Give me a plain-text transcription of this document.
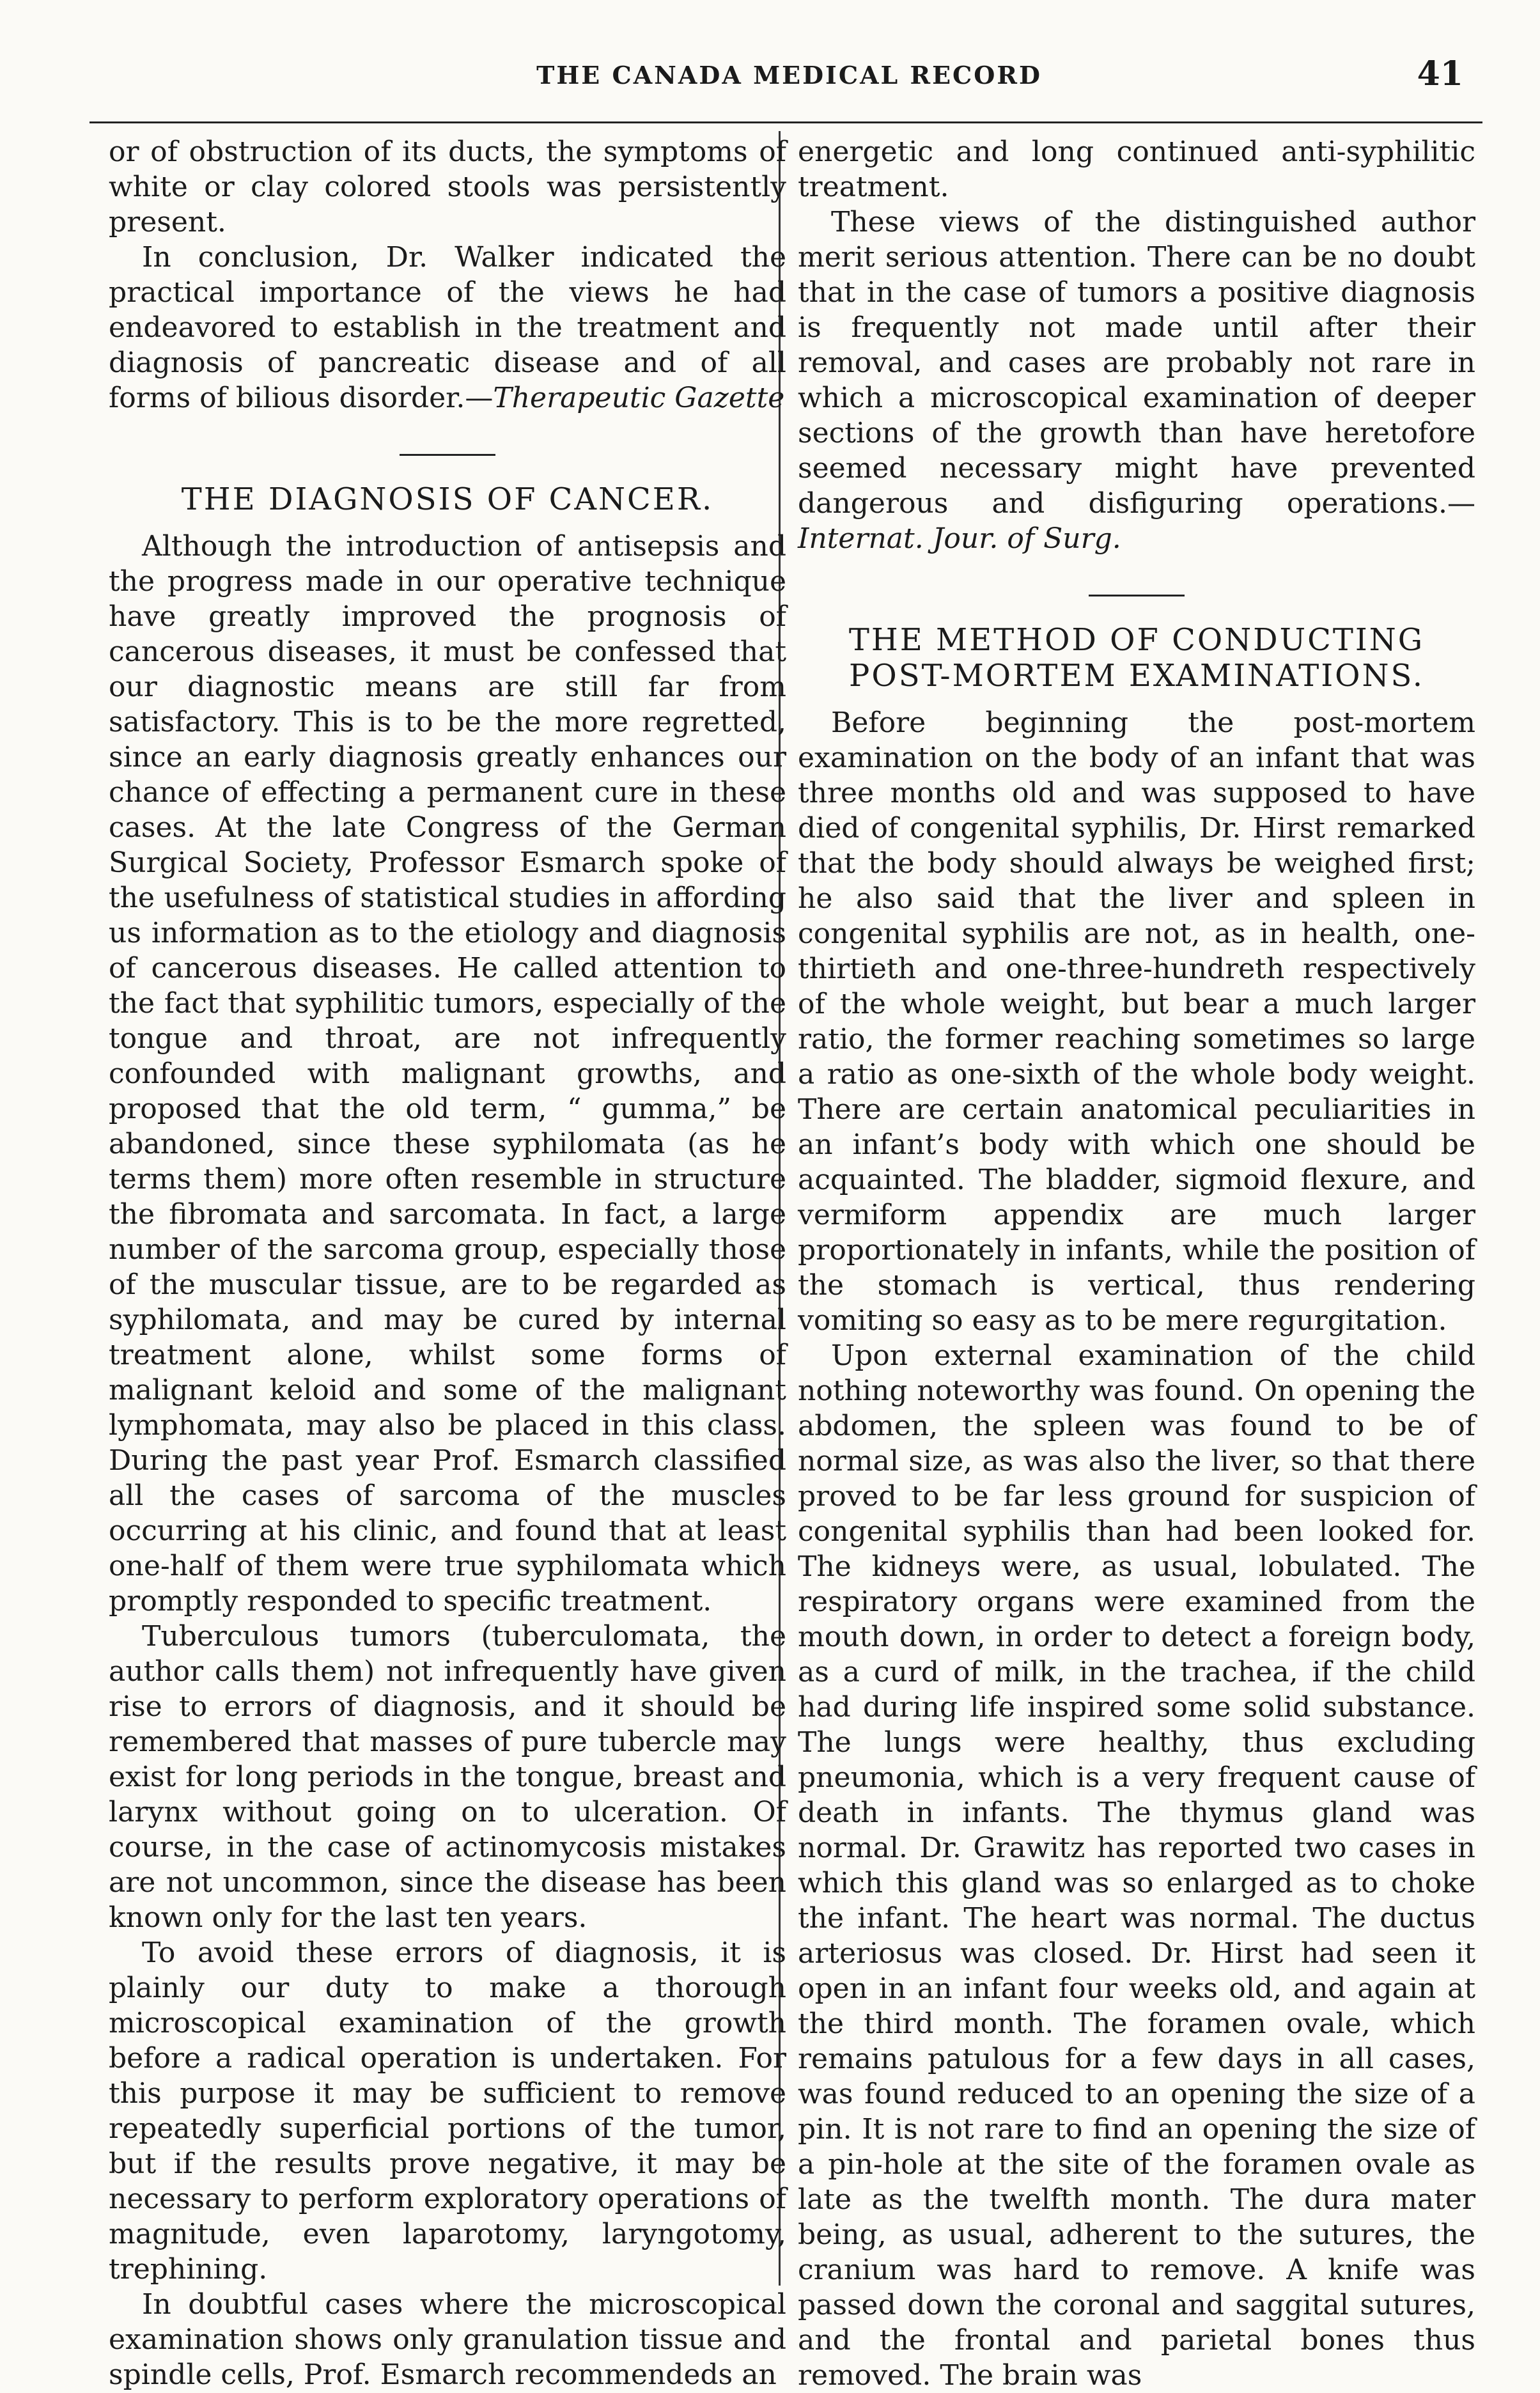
THE CANADA MEDICAL RECORD	41

or of obstruction of its ducts, the symptoms of white or clay colored stools was persistently present.

In conclusion, Dr. Walker indicated the practical importance of the views he had endeavored to establish in the treatment and diagnosis of pancreatic disease and of all forms of bilious disorder.—Therapeutic Gazette

THE DIAGNOSIS OF CANCER.

Although the introduction of antisepsis and the progress made in our operative technique have greatly improved the prognosis of cancerous diseases, it must be confessed that our diagnostic means are still far from satisfactory. This is to be the more regretted, since an early diagnosis greatly enhances our chance of effecting a permanent cure in these cases. At the late Congress of the German Surgical Society, Professor Esmarch spoke of the usefulness of statistical studies in affording us information as to the etiology and diagnosis of cancerous diseases. He called attention to the fact that syphilitic tumors, especially of the tongue and throat, are not infrequently confounded with malignant growths, and proposed that the old term, “ gumma,” be abandoned, since these syphilomata (as he terms them) more often resemble in structure the fibromata and sarcomata. In fact, a large number of the sarcoma group, especially those of the muscular tissue, are to be regarded as syphilomata, and may be cured by internal treatment alone, whilst some forms of malignant keloid and some of the malignant lymphomata, may also be placed in this class. During the past year Prof. Esmarch classified all the cases of sarcoma of the muscles occurring at his clinic, and found that at least one-half of them were true syphilomata which promptly responded to specific treatment.

Tuberculous tumors (tuberculomata, the author calls them) not infrequently have given rise to errors of diagnosis, and it should be remembered that masses of pure tubercle may exist for long periods in the tongue, breast and larynx without going on to ulceration. Of course, in the case of actinomycosis mistakes are not uncommon, since the disease has been known only for the last ten years.

To avoid these errors of diagnosis, it is plainly our duty to make a thorough microscopical examination of the growth before a radical operation is undertaken. For this purpose it may be sufficient to remove repeatedly superficial portions of the tumor, but if the results prove negative, it may be necessary to perform exploratory operations of magnitude, even laparotomy, laryngotomy, trephining.

In doubtful cases where the microscopical examination shows only granulation tissue and spindle cells, Prof. Esmarch recommendeds an

energetic and long continued anti-syphilitic treatment.

These views of the distinguished author merit serious attention. There can be no doubt that in the case of tumors a positive diagnosis is frequently not made until after their removal, and cases are probably not rare in which a microscopical examination of deeper sections of the growth than have heretofore seemed necessary might have prevented dangerous and disfiguring operations.—Internat. Jour. of Surg.

THE METHOD OF CONDUCTING POST-MORTEM EXAMINATIONS.

Before beginning the post-mortem examination on the body of an infant that was three months old and was supposed to have died of congenital syphilis, Dr. Hirst remarked that the body should always be weighed first; he also said that the liver and spleen in congenital syphilis are not, as in health, one-thirtieth and one-three-hundreth respectively of the whole weight, but bear a much larger ratio, the former reaching sometimes so large a ratio as one-sixth of the whole body weight. There are certain anatomical peculiarities in an infant’s body with which one should be acquainted. The bladder, sigmoid flexure, and vermiform appendix are much larger proportionately in infants, while the position of the stomach is vertical, thus rendering vomiting so easy as to be mere regurgitation.

Upon external examination of the child nothing noteworthy was found. On opening the abdomen, the spleen was found to be of normal size, as was also the liver, so that there proved to be far less ground for suspicion of congenital syphilis than had been looked for. The kidneys were, as usual, lobulated. The respiratory organs were examined from the mouth down, in order to detect a foreign body, as a curd of milk, in the trachea, if the child had during life inspired some solid substance. The lungs were healthy, thus excluding pneumonia, which is a very frequent cause of death in infants. The thymus gland was normal. Dr. Grawitz has reported two cases in which this gland was so enlarged as to choke the infant. The heart was normal. The ductus arteriosus was closed. Dr. Hirst had seen it open in an infant four weeks old, and again at the third month. The foramen ovale, which remains patulous for a few days in all cases, was found reduced to an opening the size of a pin. It is not rare to find an opening the size of a pin-hole at the site of the foramen ovale as late as the twelfth month. The dura mater being, as usual, adherent to the sutures, the cranium was hard to remove. A knife was passed down the coronal and saggital sutures, and the frontal and parietal bones thus removed. The brain was
